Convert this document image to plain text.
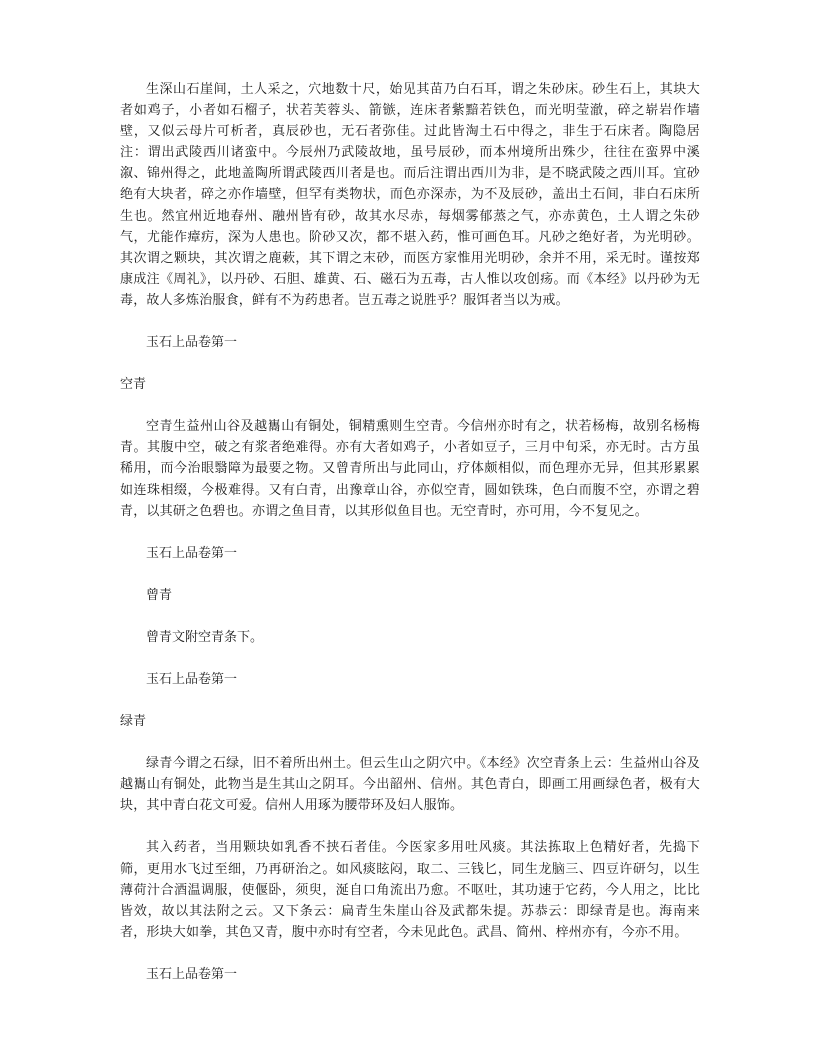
生深山石崖间，土人采之，穴地数十尺，始见其苗乃白石耳，谓之朱砂床。砂生石上，其块大者如鸡子，小者如石榴子，状若芙蓉头、箭镞，连床者紫黯若铁色，而光明莹澈，碎之崭岩作墙壁，又似云母片可析者，真辰砂也，无石者弥佳。过此皆淘土石中得之，非生于石床者。陶隐居注：谓出武陵西川诸蛮中。今辰州乃武陵故地，虽号辰砂，而本州境所出殊少，往往在蛮界中溪溆、锦州得之，此地盖陶所谓武陵西川者是也。而后注谓出西川为非，是不晓武陵之西川耳。宜砂绝有大块者，碎之亦作墙壁，但罕有类物状，而色亦深赤，为不及辰砂，盖出土石间，非白石床所生也。然宜州近地春州、融州皆有砂，故其水尽赤，每烟雾郁蒸之气，亦赤黄色，土人谓之朱砂气，尤能作瘴疠，深为人患也。阶砂又次，都不堪入药，惟可画色耳。凡砂之绝好者，为光明砂。其次谓之颗块，其次谓之鹿蔌，其下谓之末砂，而医方家惟用光明砂，余并不用，采无时。谨按郑康成注《周礼》，以丹砂、石胆、雄黄、石、磁石为五毒，古人惟以攻创疡。而《本经》以丹砂为无毒，故人多炼治服食，鲜有不为药患者。岂五毒之说胜乎？服饵者当以为戒。

玉石上品卷第一

空青

空青生益州山谷及越巂山有铜处，铜精熏则生空青。今信州亦时有之，状若杨梅，故别名杨梅青。其腹中空，破之有浆者绝难得。亦有大者如鸡子，小者如豆子，三月中旬采，亦无时。古方虽稀用，而今治眼翳障为最要之物。又曾青所出与此同山，疗体颇相似，而色理亦无异，但其形累累如连珠相缀，今极难得。又有白青，出豫章山谷，亦似空青，圆如铁珠，色白而腹不空，亦谓之碧青，以其研之色碧也。亦谓之鱼目青，以其形似鱼目也。无空青时，亦可用，今不复见之。

玉石上品卷第一

曾青

曾青文附空青条下。

玉石上品卷第一

绿青

绿青今谓之石绿，旧不着所出州土。但云生山之阴穴中。《本经》次空青条上云：生益州山谷及越巂山有铜处，此物当是生其山之阴耳。今出韶州、信州。其色青白，即画工用画绿色者，极有大块，其中青白花文可爱。信州人用琢为腰带环及妇人服饰。

其入药者，当用颗块如乳香不挟石者佳。今医家多用吐风痰。其法拣取上色精好者，先捣下筛，更用水飞过至细，乃再研治之。如风痰眩闷，取二、三钱匕，同生龙脑三、四豆许研匀，以生薄荷汁合酒温调服，使偃卧，须臾，涎自口角流出乃愈。不呕吐，其功速于它药，今人用之，比比皆效，故以其法附之云。又下条云：扁青生朱崖山谷及武都朱提。苏恭云：即绿青是也。海南来者，形块大如拳，其色又青，腹中亦时有空者，今未见此色。武昌、简州、梓州亦有，今亦不用。

玉石上品卷第一
